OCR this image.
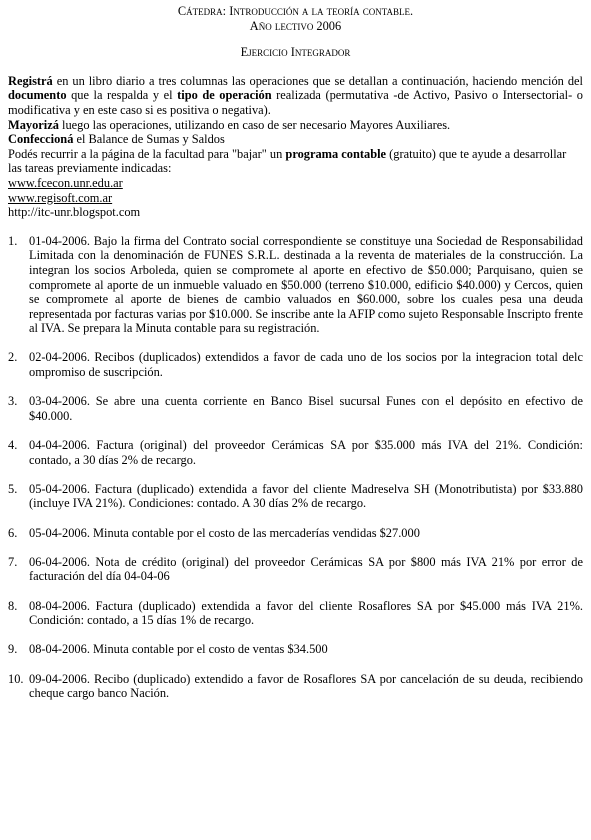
Cátedra: Introducción a la teoría contable.
Año lectivo 2006
Ejercicio Integrador

Registrá en un libro diario a tres columnas las operaciones que se detallan a continuación, haciendo mención del documento que la respalda y el tipo de operación realizada (permutativa -de Activo, Pasivo o Intersectorial- o modificativa y en este caso si es positiva o negativa).

Mayorizá luego las operaciones, utilizando en caso de ser necesario Mayores Auxiliares.

Confeccioná el Balance de Sumas y Saldos

Podés recurrir a la página de la facultad para "bajar" un programa contable (gratuito) que te ayude a desarrollar las tareas previamente indicadas:

www.fcecon.unr.edu.ar
www.regisoft.com.ar
http://itc-unr.blogspot.com
1. 01-04-2006. Bajo la firma del Contrato social correspondiente se constituye una Sociedad de Responsabilidad Limitada con la denominación de FUNES S.R.L. destinada a la reventa de materiales de la construcción. La integran los socios Arboleda, quien se compromete al aporte en efectivo de $50.000; Parquisano, quien se compromete al aporte de un inmueble valuado en $50.000 (terreno $10.000, edificio $40.000) y Cercos, quien se compromete al aporte de bienes de cambio valuados en $60.000, sobre los cuales pesa una deuda representada por facturas varias por $10.000. Se inscribe ante la AFIP como sujeto Responsable Inscripto frente al IVA. Se prepara la Minuta contable para su registración.
2. 02-04-2006. Recibos (duplicados) extendidos a favor de cada uno de los socios por la integracion total delc ompromiso de suscripción.
3. 03-04-2006. Se abre una cuenta corriente en Banco Bisel sucursal Funes con el depósito en efectivo de $40.000.
4. 04-04-2006. Factura (original) del proveedor Cerámicas SA por $35.000 más IVA del 21%. Condición: contado, a 30 días 2% de recargo.
5. 05-04-2006. Factura (duplicado) extendida a favor del cliente Madreselva SH (Monotributista) por $33.880 (incluye IVA 21%). Condiciones: contado. A 30 días 2% de recargo.
6. 05-04-2006. Minuta contable por el costo de las mercaderías vendidas $27.000
7. 06-04-2006. Nota de crédito (original) del proveedor Cerámicas SA por $800 más IVA 21% por error de facturación del día 04-04-06
8. 08-04-2006. Factura (duplicado) extendida a favor del cliente Rosaflores SA por $45.000 más IVA 21%. Condición: contado, a 15 días 1% de recargo.
9. 08-04-2006. Minuta contable por el costo de ventas $34.500
10. 09-04-2006. Recibo (duplicado) extendido a favor de Rosaflores SA por cancelación de su deuda, recibiendo cheque cargo banco Nación.
